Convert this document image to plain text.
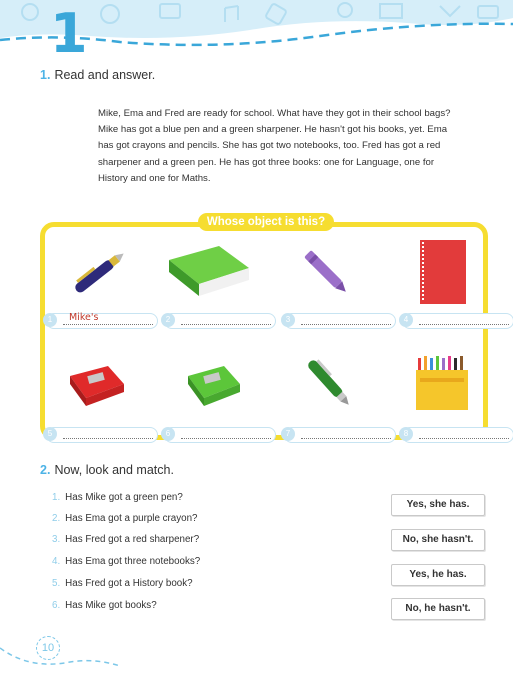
1
1. Read and answer.

Mike, Ema and Fred are ready for school. What have they got in their school bags?

Mike has got a blue pen and a green sharpener. He hasn't got his books, yet. Ema has got crayons and pencils. She has got two notebooks, too. Fred has got a red sharpener and a green pen. He has got three books: one for Language, one for History and one for Maths.

Whose object is this?
1	Mike's	2	3	4
5	6	7	8
2. Now, look and match.
1. Has Mike got a green pen?
2. Has Ema got a purple crayon?
3. Has Fred got a red sharpener?
4. Has Ema got three notebooks?
5. Has Fred got a History book?
6. Has Mike got books?
Yes, she has.
No, she hasn't.
Yes, he has.
No, he hasn't.
10
